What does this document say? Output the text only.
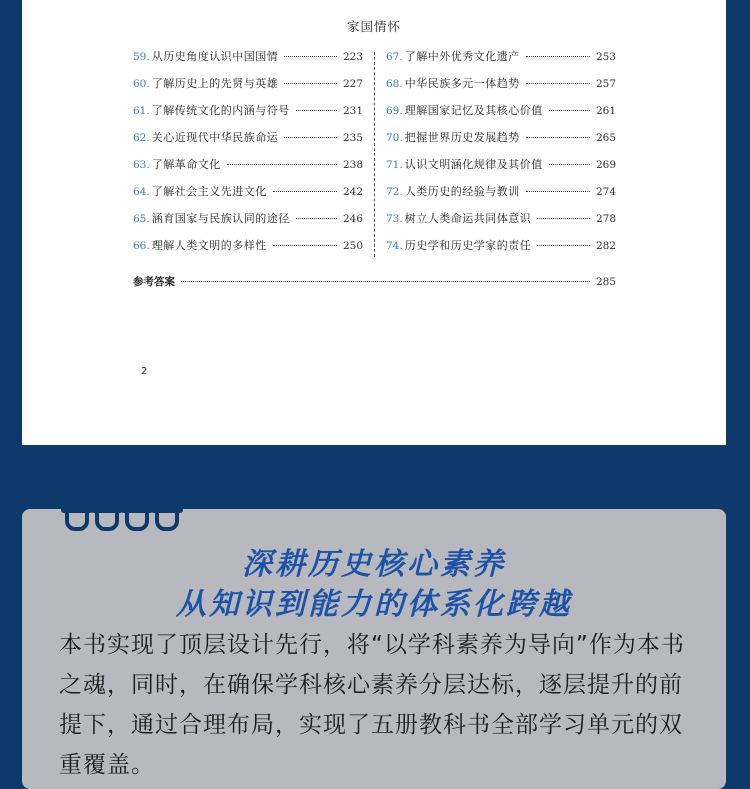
家国情怀
59. 从历史角度认识中国国情	223
60. 了解历史上的先贤与英雄	227
61. 了解传统文化的内涵与符号	231
62. 关心近现代中华民族命运	235
63. 了解革命文化	238
64. 了解社会主义先进文化	242
65. 涵育国家与民族认同的途径	246
66. 理解人类文明的多样性	250
67. 了解中外优秀文化遗产	253
68. 中华民族多元一体趋势	257
69. 理解国家记忆及其核心价值	261
70. 把握世界历史发展趋势	265
71. 认识文明涵化规律及其价值	269
72. 人类历史的经验与教训	274
73. 树立人类命运共同体意识	278
74. 历史学和历史学家的责任	282
参考答案	285
2
深耕历史核心素养
从知识到能力的体系化跨越

本书实现了顶层设计先行，将“以学科素养为导向”作为本书之魂，同时，在确保学科核心素养分层达标，逐层提升的前提下，通过合理布局，实现了五册教科书全部学习单元的双重覆盖。
